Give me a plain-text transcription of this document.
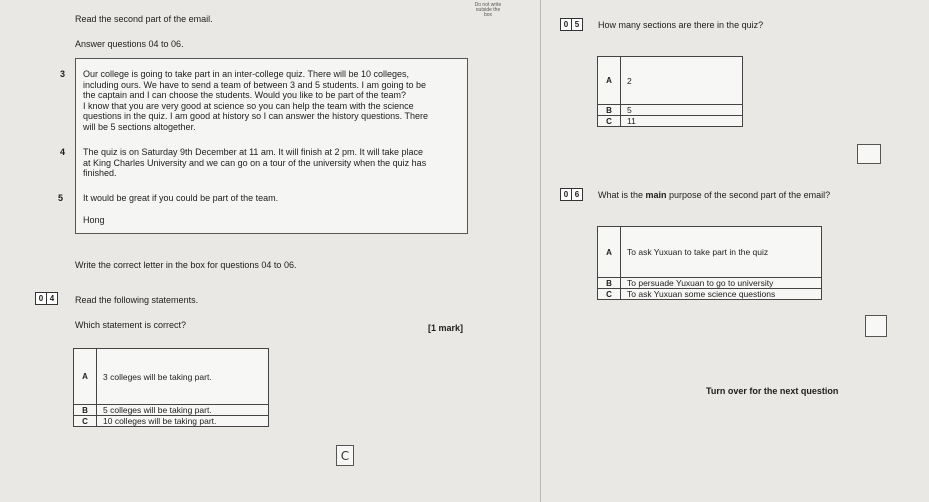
Read the second part of the email.
Answer questions 04 to 06.
3 Our college is going to take part in an inter-college quiz. There will be 10 colleges,
including ours. We have to send a team of between 3 and 5 students. I am going to be
the captain and I can choose the students. Would you like to be part of the team?
I know that you are very good at science so you can help the team with the science
questions in the quiz. I am good at history so I can answer the history questions. There
will be 5 sections altogether.
4 The quiz is on Saturday 9th December at 11 am. It will finish at 2 pm. It will take place
at King Charles University and we can go on a tour of the university when the quiz has
finished.
5 It would be great if you could be part of the team.
Hong
Write the correct letter in the box for questions 04 to 06.
0 4	Read the following statements.
Which statement is correct?	[1 mark]
A	3 colleges will be taking part.
B	5 colleges will be taking part.
C	10 colleges will be taking part.
C
Do not write
outside the
box
0 5	How many sections are there in the quiz?
A	2
B	5
C	11
0 6	What is the main purpose of the second part of the email?
A	To ask Yuxuan to take part in the quiz
B	To persuade Yuxuan to go to university
C	To ask Yuxuan some science questions
Turn over for the next question
